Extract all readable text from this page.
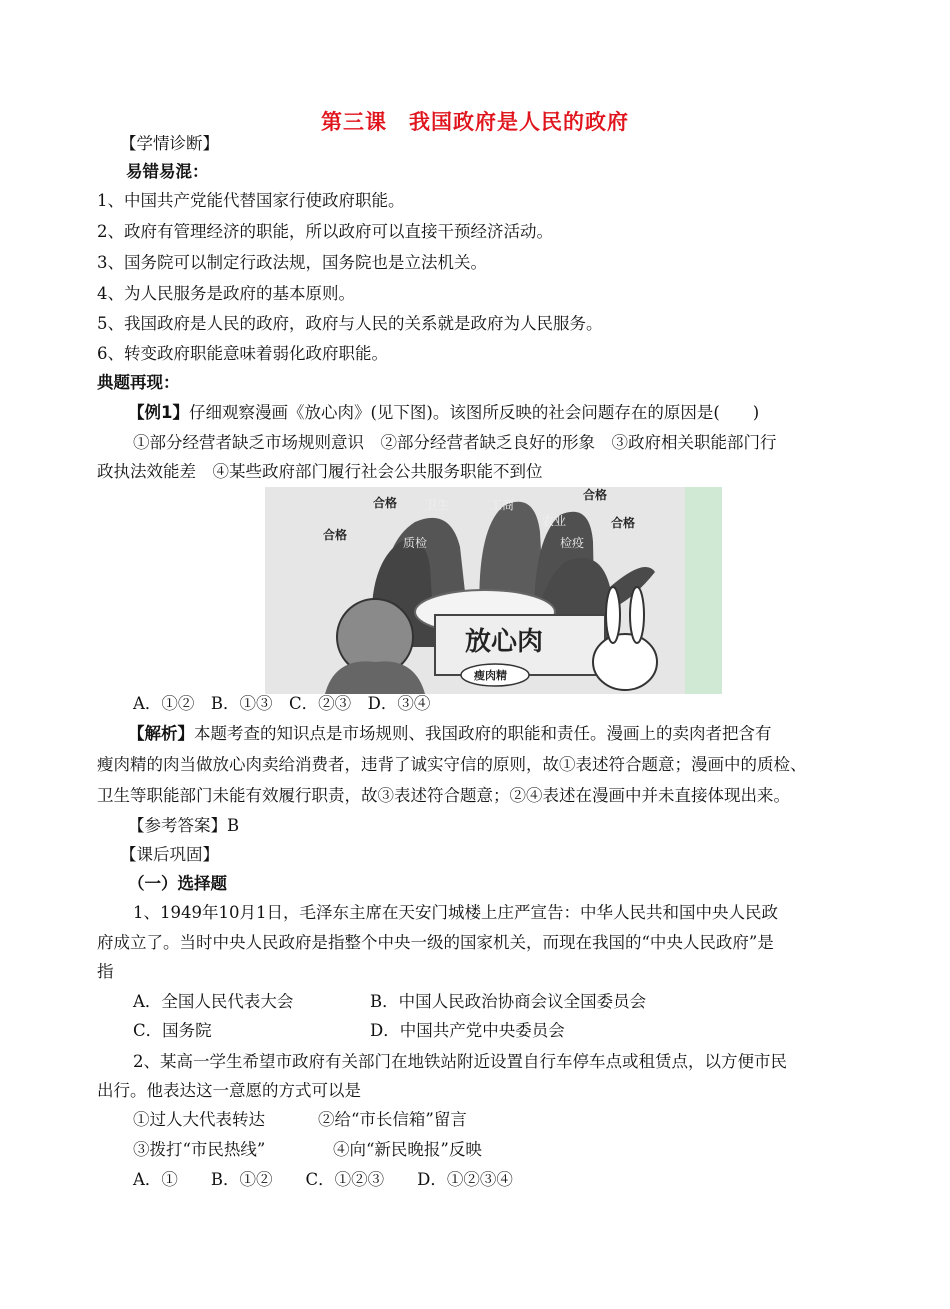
第三课　我国政府是人民的政府
【学情诊断】
易错易混：
1、中国共产党能代替国家行使政府职能。
2、政府有管理经济的职能，所以政府可以直接干预经济活动。
3、国务院可以制定行政法规，国务院也是立法机关。
4、为人民服务是政府的基本原则。
5、我国政府是人民的政府，政府与人民的关系就是政府为人民服务。
6、转变政府职能意味着弱化政府职能。
典题再现：
【例1】仔细观察漫画《放心肉》(见下图)。该图所反映的社会问题存在的原因是(　　)
①部分经营者缺乏市场规则意识　②部分经营者缺乏良好的形象　③政府相关职能部门行
政执法效能差　④某些政府部门履行社会公共服务职能不到位
合格
合格
合格
合格
卫生	工商
农业
质检	检疫
放心肉
瘦肉精
A．①②　B．①③　C．②③　D．③④
【解析】本题考查的知识点是市场规则、我国政府的职能和责任。漫画上的卖肉者把含有
瘦肉精的肉当做放心肉卖给消费者，违背了诚实守信的原则，故①表述符合题意；漫画中的质检、
卫生等职能部门未能有效履行职责，故③表述符合题意；②④表述在漫画中并未直接体现出来。
【参考答案】B
【课后巩固】
（一）选择题
1、1949年10月1日，毛泽东主席在天安门城楼上庄严宣告：中华人民共和国中央人民政
府成立了。当时中央人民政府是指整个中央一级的国家机关，而现在我国的“中央人民政府”是
指
A．全国人民代表大会	B．中国人民政治协商会议全国委员会
C．国务院	D．中国共产党中央委员会
2、某高一学生希望市政府有关部门在地铁站附近设置自行车停车点或租赁点，以方便市民
出行。他表达这一意愿的方式可以是
①过人大代表转达	②给“市长信箱”留言
③拨打“市民热线”	④向“新民晚报”反映
A．①　　B．①②　　C．①②③　　D．①②③④
